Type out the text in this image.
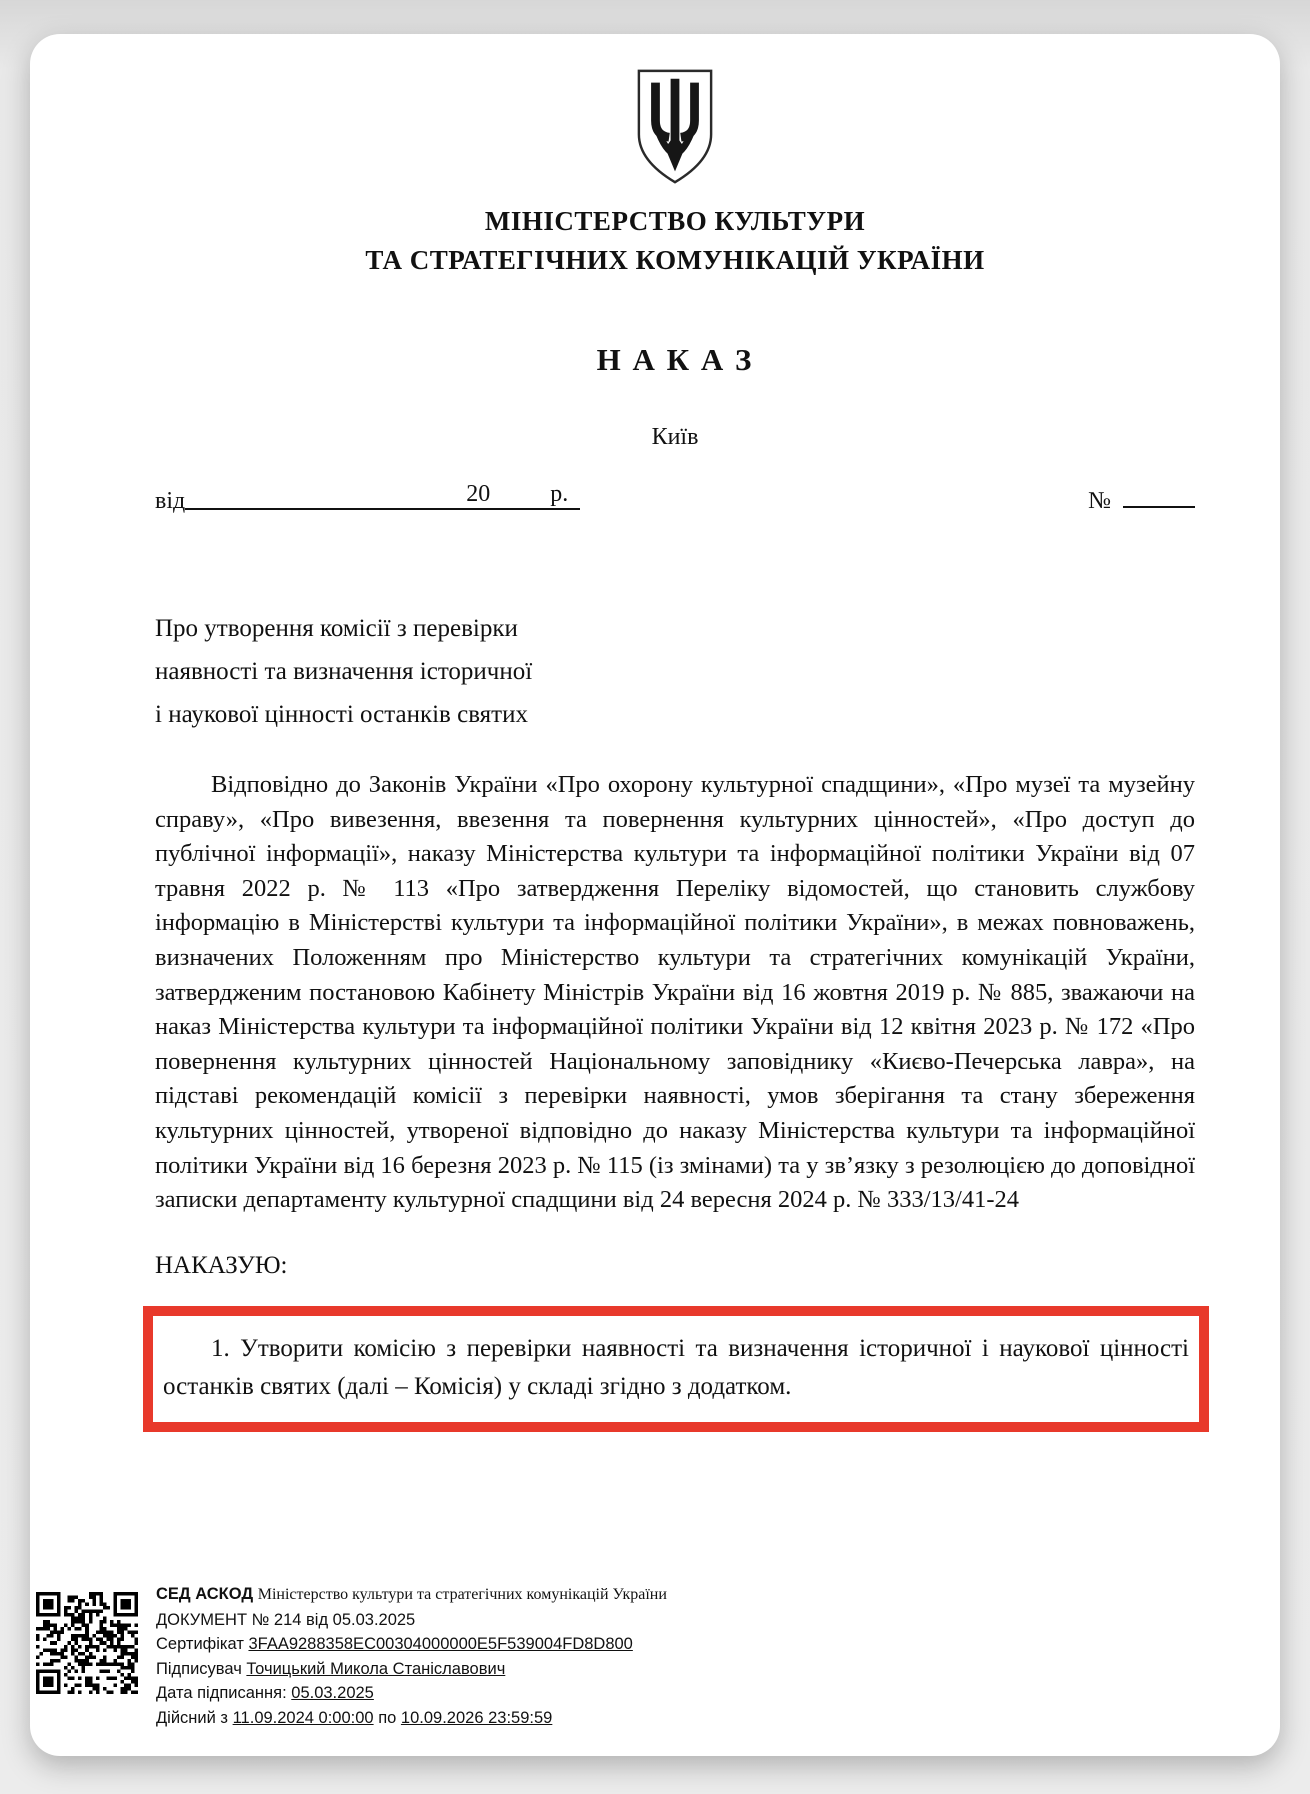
МІНІСТЕРСТВО КУЛЬТУРИ
ТА СТРАТЕГІЧНИХ КОМУНІКАЦІЙ УКРАЇНИ
Н А К А З
Київ
від	20	р.	№
Про утворення комісії з перевірки
наявності та визначення історичної
і наукової цінності останків святих

Відповідно до Законів України «Про охорону культурної спадщини», «Про музеї та музейну справу», «Про вивезення, ввезення та повернення культурних цінностей», «Про доступ до публічної інформації», наказу Міністерства культури та інформаційної політики України від 07 травня 2022 р. № 113 «Про затвердження Переліку відомостей, що становить службову інформацію в Міністерстві культури та інформаційної політики України», в межах повноважень, визначених Положенням про Міністерство культури та стратегічних комунікацій України, затвердженим постановою Кабінету Міністрів України від 16 жовтня 2019 р. № 885, зважаючи на наказ Міністерства культури та інформаційної політики України від 12 квітня 2023 р. № 172 «Про повернення культурних цінностей Національному заповіднику «Києво-Печерська лавра», на підставі рекомендацій комісії з перевірки наявності, умов зберігання та стану збереження культурних цінностей, утвореної відповідно до наказу Міністерства культури та інформаційної політики України від 16 березня 2023 р. № 115 (із змінами) та у зв’язку з резолюцією до доповідної записки департаменту культурної спадщини від 24 вересня 2024 р. № 333/13/41-24

НАКАЗУЮ:

1. Утворити комісію з перевірки наявності та визначення історичної і наукової цінності останків святих (далі – Комісія) у складі згідно з додатком.

СЕД АСКОД Міністерство культури та стратегічних комунікацій України
ДОКУМЕНТ № 214 від 05.03.2025
Сертифікат 3FAA9288358EC00304000000E5F539004FD8D800
Підписувач Точицький Микола Станіславович
Дата підписання: 05.03.2025
Дійсний з 11.09.2024 0:00:00 по 10.09.2026 23:59:59
